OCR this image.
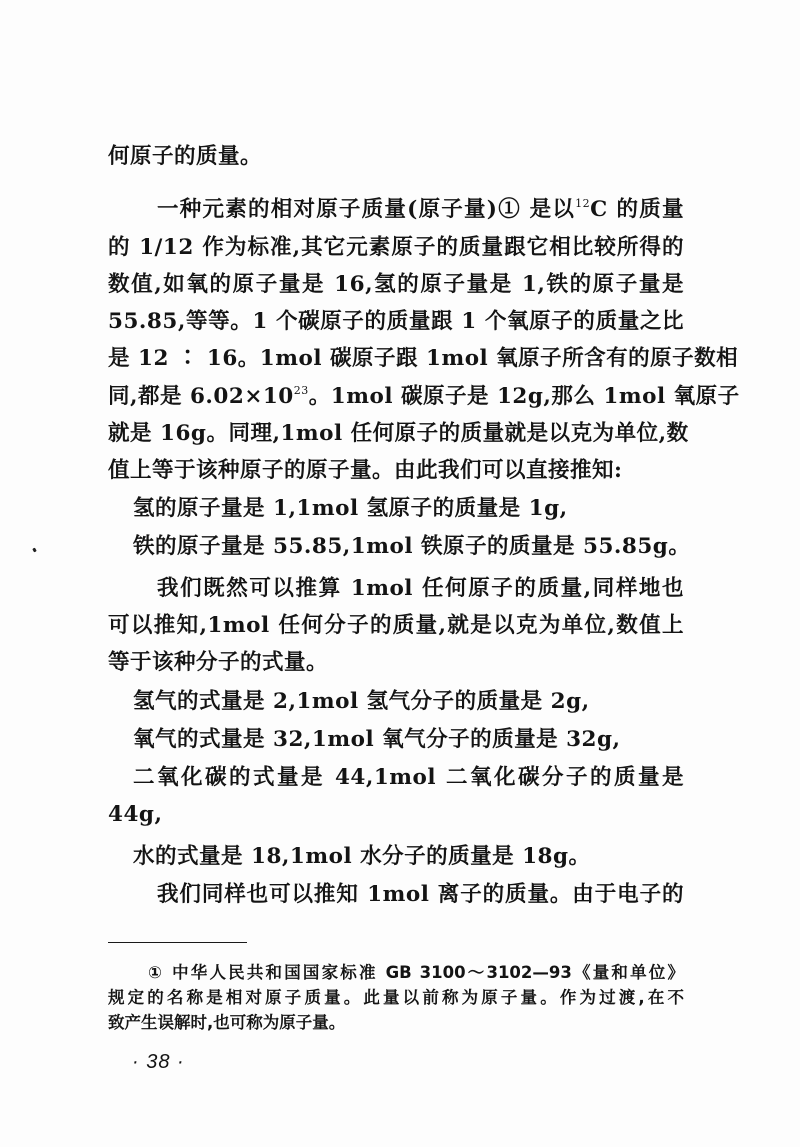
何原子的质量。
一种元素的相对原子质量(原子量)① 是以$^{12}$C 的质量
的 1/12 作为标准,其它元素原子的质量跟它相比较所得的
数值,如氧的原子量是 16,氢的原子量是 1,铁的原子量是
55.85,等等。1 个碳原子的质量跟 1 个氧原子的质量之比
是 12 ∶ 16。1mol 碳原子跟 1mol 氧原子所含有的原子数相
同,都是 $6.02\times 10^{23}$。1mol 碳原子是 12g,那么 1mol 氧原子
就是 16g。同理,1mol 任何原子的质量就是以克为单位,数
值上等于该种原子的原子量。由此我们可以直接推知:
氢的原子量是 1,1mol 氢原子的质量是 1g,
铁的原子量是 55.85,1mol 铁原子的质量是 55.85g。
我们既然可以推算 1mol 任何原子的质量,同样地也
可以推知,1mol 任何分子的质量,就是以克为单位,数值上
等于该种分子的式量。
氢气的式量是 2,1mol 氢气分子的质量是 2g,
氧气的式量是 32,1mol 氧气分子的质量是 32g,
二氧化碳的式量是 44,1mol 二氧化碳分子的质量是
44g,
水的式量是 18,1mol 水分子的质量是 18g。
我们同样也可以推知 1mol 离子的质量。由于电子的
① 中华人民共和国国家标准 GB 3100～3102—93《量和单位》
规定的名称是相对原子质量。此量以前称为原子量。作为过渡,在不
致产生误解时,也可称为原子量。
· 38 ·
